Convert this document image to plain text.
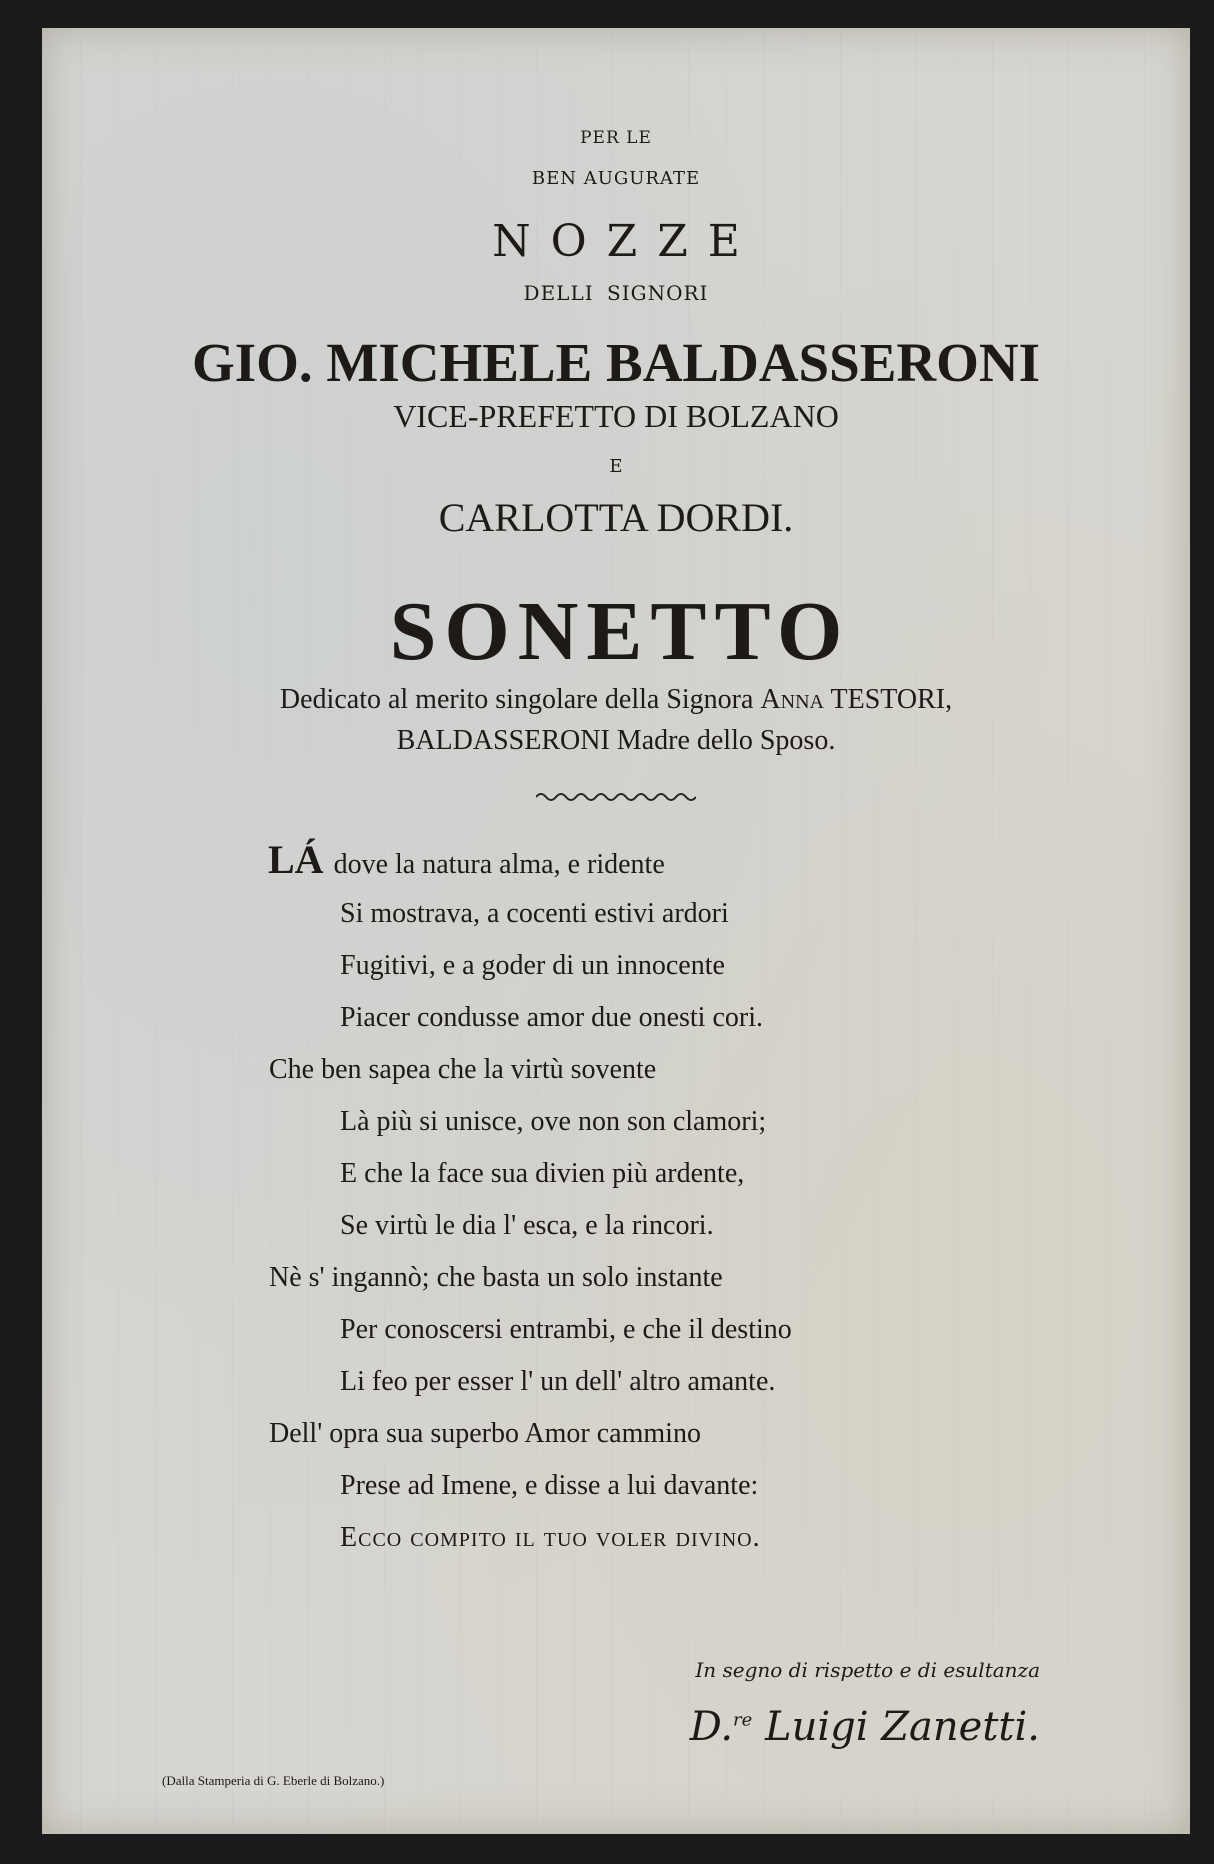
PER LE
BEN AUGURATE
NOZZE
DELLI SIGNORI
GIO. MICHELE BALDASSERONI
VICE-PREFETTO DI BOLZANO
E
CARLOTTA DORDI.
SONETTO
Dedicato al merito singolare della Signora Anna TESTORI,
BALDASSERONI Madre dello Sposo.
LÁ dove la natura alma, e ridente
Si mostrava, a cocenti estivi ardori
Fugitivi, e a goder di un innocente
Piacer condusse amor due onesti cori.
Che ben sapea che la virtù sovente
Là più si unisce, ove non son clamori;
E che la face sua divien più ardente,
Se virtù le dia l' esca, e la rincori.
Nè s' ingannò; che basta un solo instante
Per conoscersi entrambi, e che il destino
Li feo per esser l' un dell' altro amante.
Dell' opra sua superbo Amor cammino
Prese ad Imene, e disse a lui davante:
Ecco compito il tuo voler divino.
In segno di rispetto e di esultanza
D.$^{re}$ Luigi Zanetti.
(Dalla Stamperia di G. Eberle di Bolzano.)
